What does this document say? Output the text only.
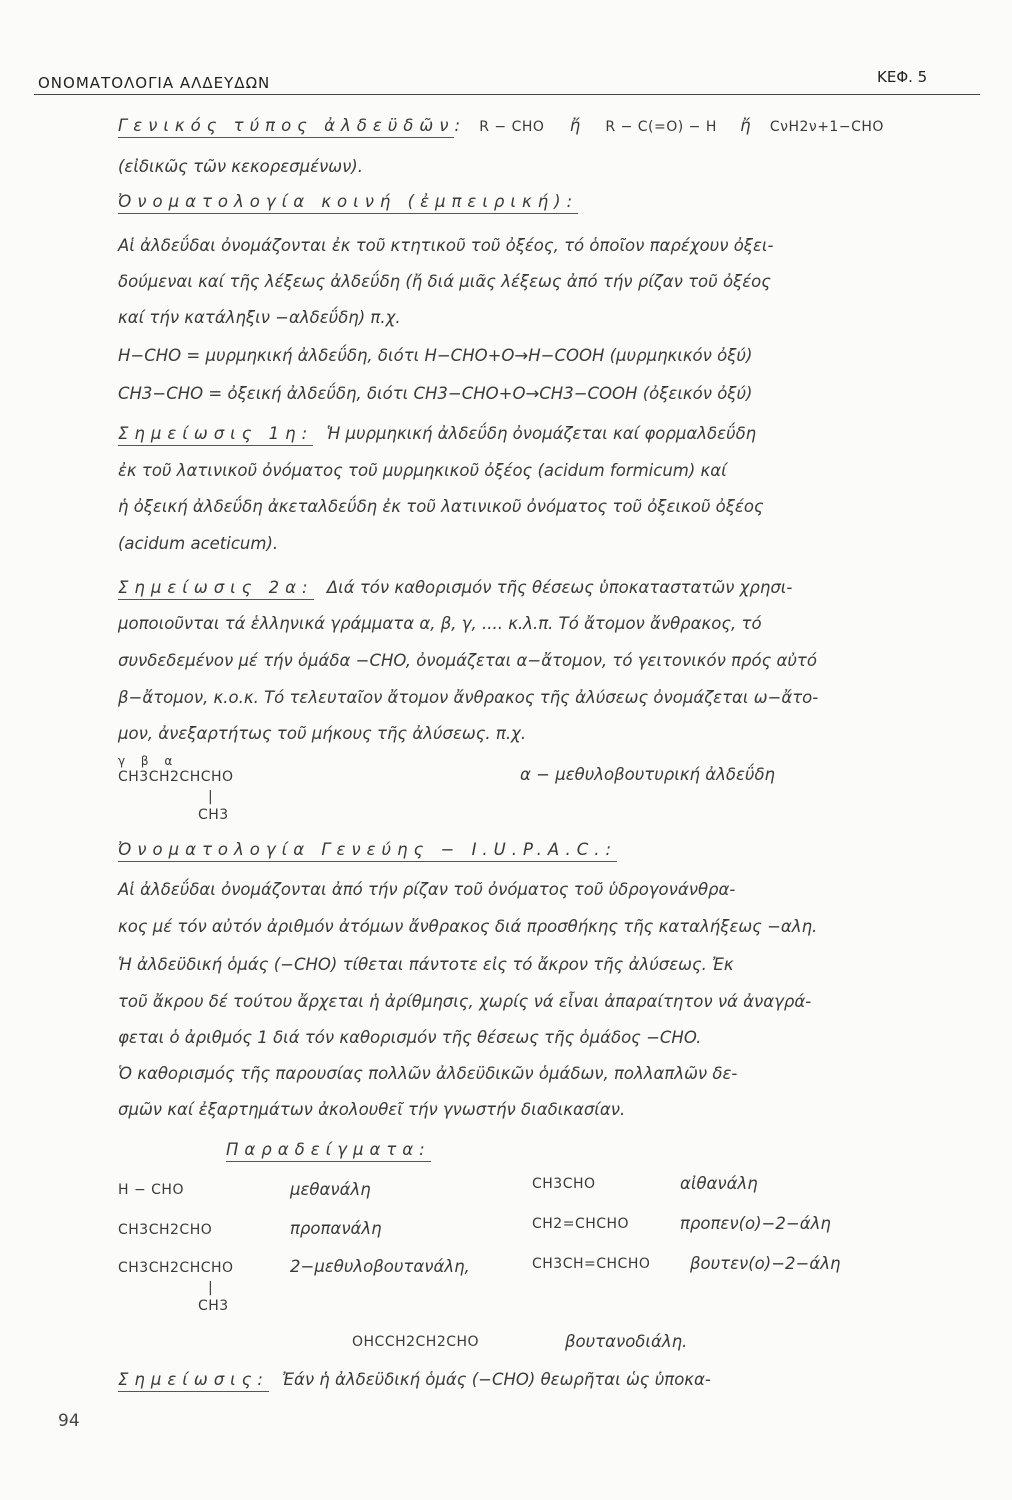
ΟΝΟΜΑΤΟΛΟΓΙΑ ΑΛΔΕΥΔΩΝ	ΚΕΦ. 5
Γενικός τύπος ἀλδεϋδῶν: R − CHO ἤ R − C(=O) − H ἤ CνH2ν+1−CHO
(εἰδικῶς τῶν κεκορεσμένων).
Ὀνοματολογία κοινή (ἐμπειρική):
Αἱ ἀλδεΰδαι ὀνομάζονται ἐκ τοῦ κτητικοῦ τοῦ ὀξέος, τό ὁποῖον παρέχουν ὀξει-
δούμεναι καί τῆς λέξεως ἀλδεΰδη (ἤ διά μιᾶς λέξεως ἀπό τήν ρίζαν τοῦ ὀξέος
καί τήν κατάληξιν −αλδεΰδη) π.χ.
H−CHO = μυρμηκική ἀλδεΰδη, διότι H−CHO+O→H−COOH (μυρμηκικόν ὀξύ)
CH3−CHO = ὀξεική ἀλδεΰδη, διότι CH3−CHO+O→CH3−COOH (ὀξεικόν ὀξύ)
Σημείωσις 1η: Ἡ μυρμηκική ἀλδεΰδη ὀνομάζεται καί φορμαλδεΰδη
ἐκ τοῦ λατινικοῦ ὀνόματος τοῦ μυρμηκικοῦ ὀξέος (acidum formicum) καί
ἡ ὀξεική ἀλδεΰδη ἀκεταλδεΰδη ἐκ τοῦ λατινικοῦ ὀνόματος τοῦ ὀξεικοῦ ὀξέος
(acidum aceticum).
Σημείωσις 2α: Διά τόν καθορισμόν τῆς θέσεως ὑποκαταστατῶν χρησι-
μοποιοῦνται τά ἑλληνικά γράμματα α, β, γ, .... κ.λ.π. Τό ἄτομον ἄνθρακος, τό
συνδεδεμένον μέ τήν ὁμάδα −CHO, ὀνομάζεται α−ἄτομον, τό γειτονικόν πρός αὐτό
β−ἄτομον, κ.ο.κ. Τό τελευταῖον ἄτομον ἄνθρακος τῆς ἀλύσεως ὀνομάζεται ω−ἄτο-
μον, ἀνεξαρτήτως τοῦ μήκους τῆς ἀλύσεως. π.χ.
γ β α
CH3CH2CHCHO
|
CH3
α − μεθυλοβουτυρική ἀλδεΰδη
Ὀνοματολογία Γενεύης − I.U.P.A.C.:
Αἱ ἀλδεΰδαι ὀνομάζονται ἀπό τήν ρίζαν τοῦ ὀνόματος τοῦ ὑδρογονάνθρα-
κος μέ τόν αὐτόν ἀριθμόν ἀτόμων ἄνθρακος διά προσθήκης τῆς καταλήξεως −αλη.
Ἡ ἀλδεϋδική ὁμάς (−CHO) τίθεται πάντοτε εἰς τό ἄκρον τῆς ἀλύσεως. Ἐκ
τοῦ ἄκρου δέ τούτου ἄρχεται ἡ ἀρίθμησις, χωρίς νά εἶναι ἀπαραίτητον νά ἀναγρά-
φεται ὁ ἀριθμός 1 διά τόν καθορισμόν τῆς θέσεως τῆς ὁμάδος −CHO.
Ὁ καθορισμός τῆς παρουσίας πολλῶν ἀλδεϋδικῶν ὁμάδων, πολλαπλῶν δε-
σμῶν καί ἐξαρτημάτων ἀκολουθεῖ τήν γνωστήν διαδικασίαν.
Παραδείγματα:
H − CHO	μεθανάλη	CH3CHO	αἰθανάλη
CH3CH2CHO	προπανάλη	CH2=CHCHO	προπεν(ο)−2−άλη
CH3CH2CHCHO	2−μεθυλοβουτανάλη,	CH3CH=CHCHO βουτεν(ο)−2−άλη
|
CH3
OHCCH2CH2CHO	βουτανοδιάλη.
Σημείωσις: Ἐάν ἡ ἀλδεϋδική ὁμάς (−CHO) θεωρῆται ὡς ὑποκα-
94
